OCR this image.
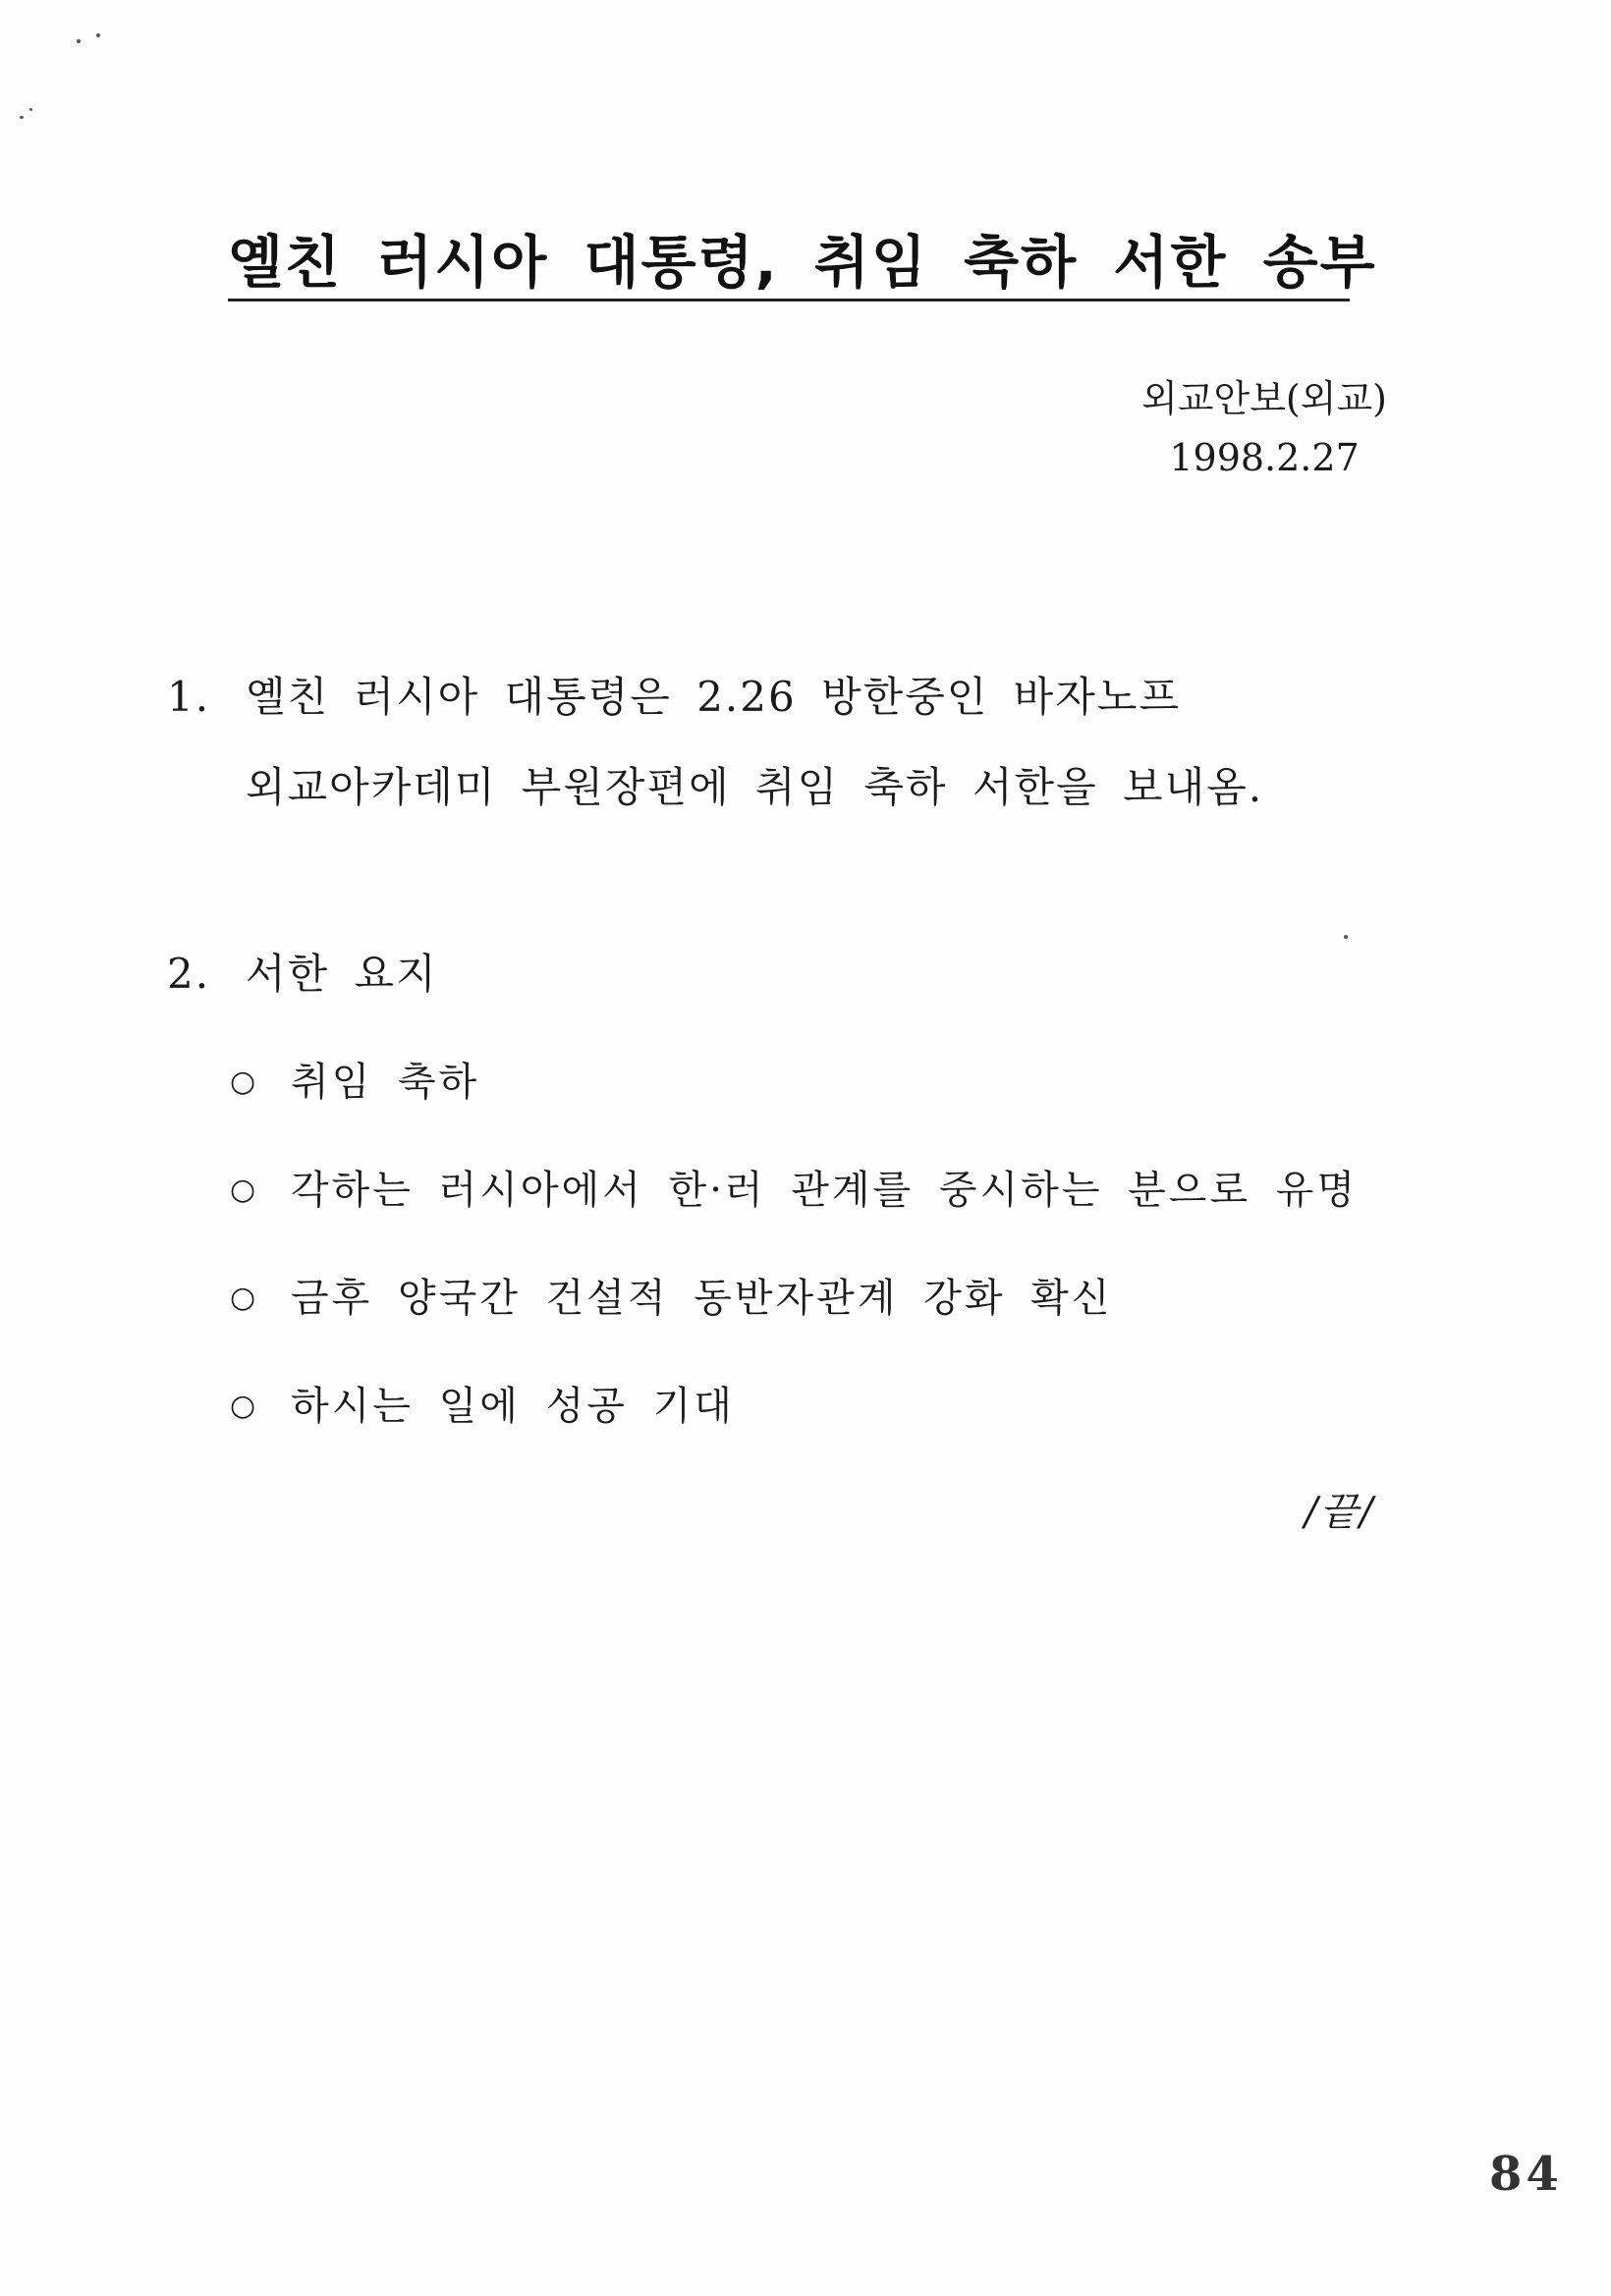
옐친 러시아 대통령, 취임 축하 서한 송부
외교안보(외교)
1998.2.27
1. 옐친 러시아 대통령은 2.26 방한중인 바자노프
외교아카데미 부원장편에 취임 축하 서한을 보내옴.
2. 서한 요지
○ 취임 축하
○ 각하는 러시아에서 한·러 관계를 중시하는 분으로 유명
○ 금후 양국간 건설적 동반자관계 강화 확신
○ 하시는 일에 성공 기대
/끝/
84
